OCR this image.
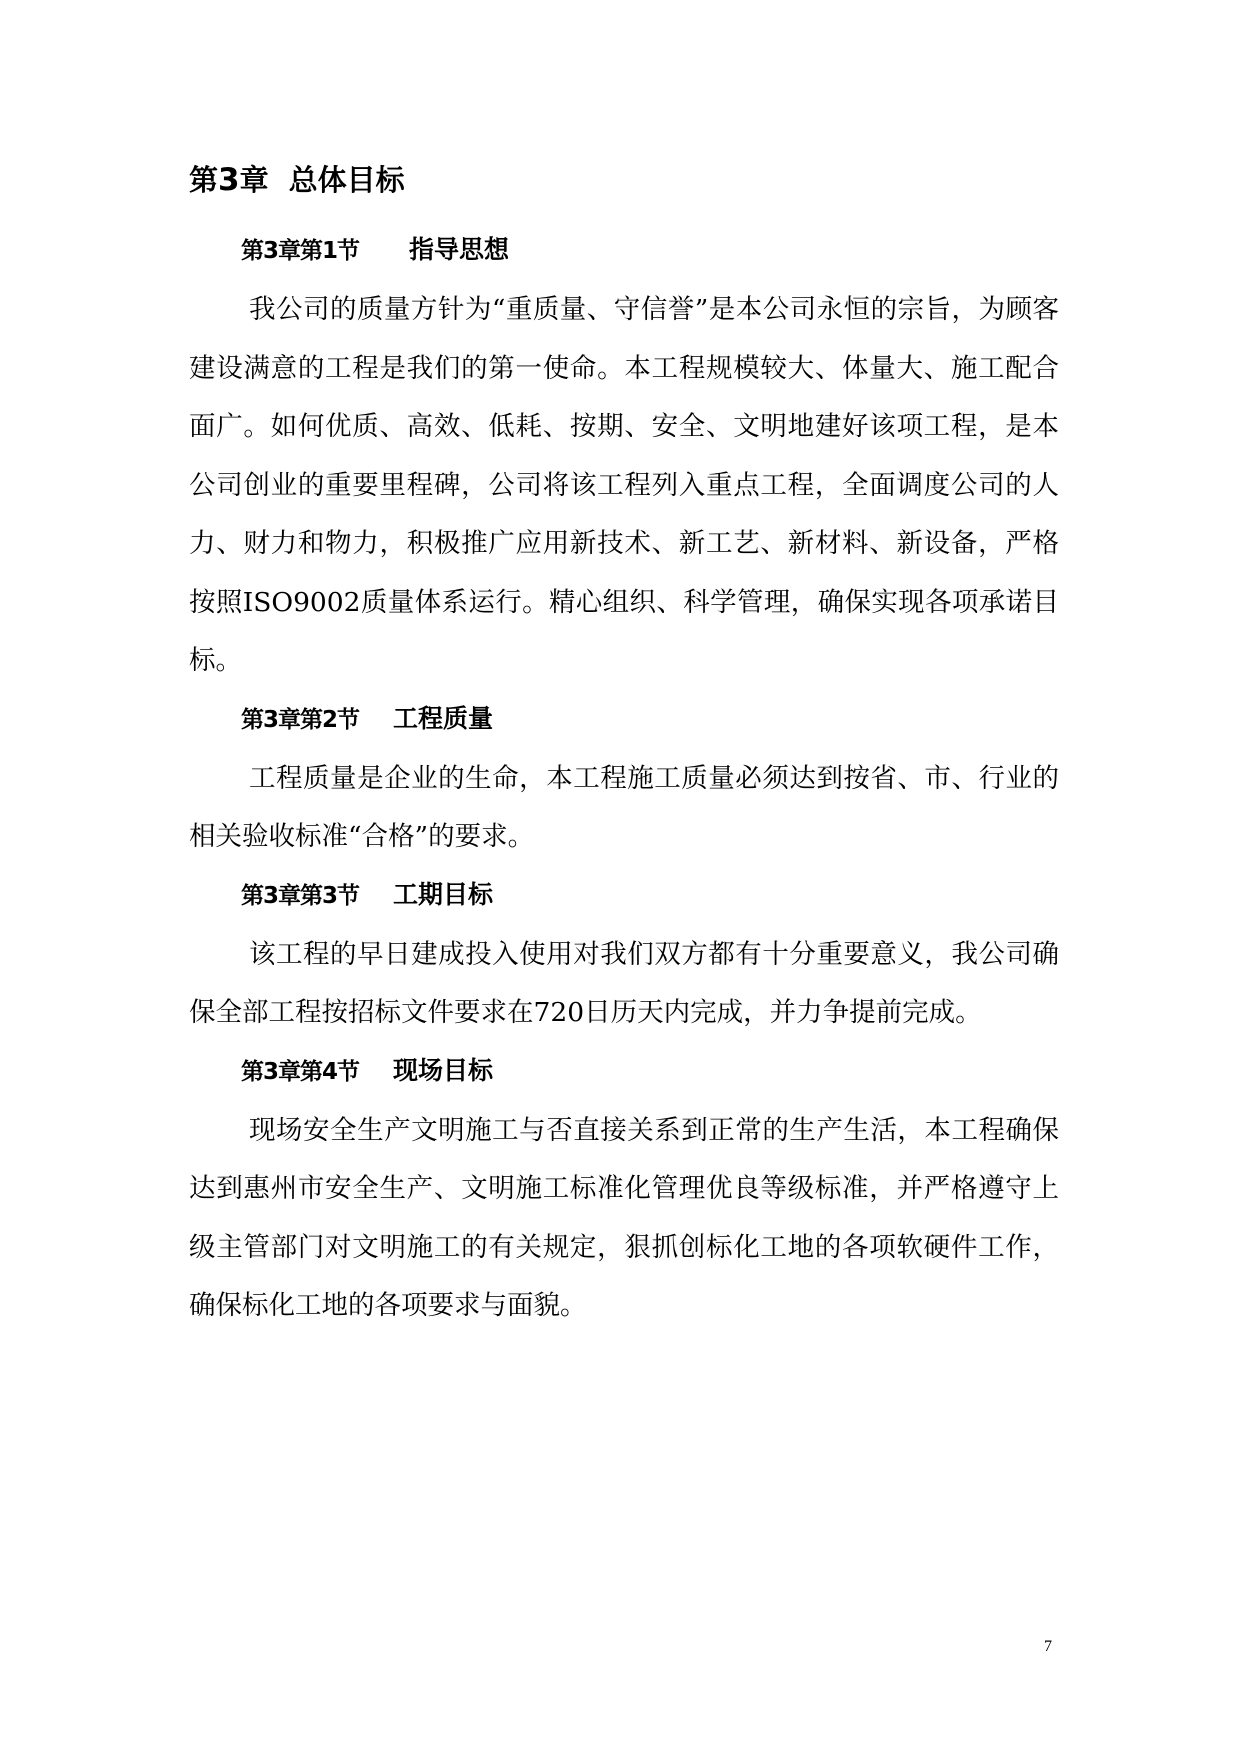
第3章 总体目标
第3章第1节 指导思想

我公司的质量方针为“重质量、守信誉”是本公司永恒的宗旨，为顾客建设满意的工程是我们的第一使命。本工程规模较大、体量大、施工配合面广。如何优质、高效、低耗、按期、安全、文明地建好该项工程，是本公司创业的重要里程碑，公司将该工程列入重点工程，全面调度公司的人力、财力和物力，积极推广应用新技术、新工艺、新材料、新设备，严格按照ISO9002质量体系运行。精心组织、科学管理，确保实现各项承诺目标。

第3章第2节 工程质量

工程质量是企业的生命，本工程施工质量必须达到按省、市、行业的相关验收标准“合格”的要求。

第3章第3节 工期目标

该工程的早日建成投入使用对我们双方都有十分重要意义，我公司确保全部工程按招标文件要求在720日历天内完成，并力争提前完成。

第3章第4节 现场目标

现场安全生产文明施工与否直接关系到正常的生产生活，本工程确保达到惠州市安全生产、文明施工标准化管理优良等级标准，并严格遵守上级主管部门对文明施工的有关规定，狠抓创标化工地的各项软硬件工作，确保标化工地的各项要求与面貌。

7
